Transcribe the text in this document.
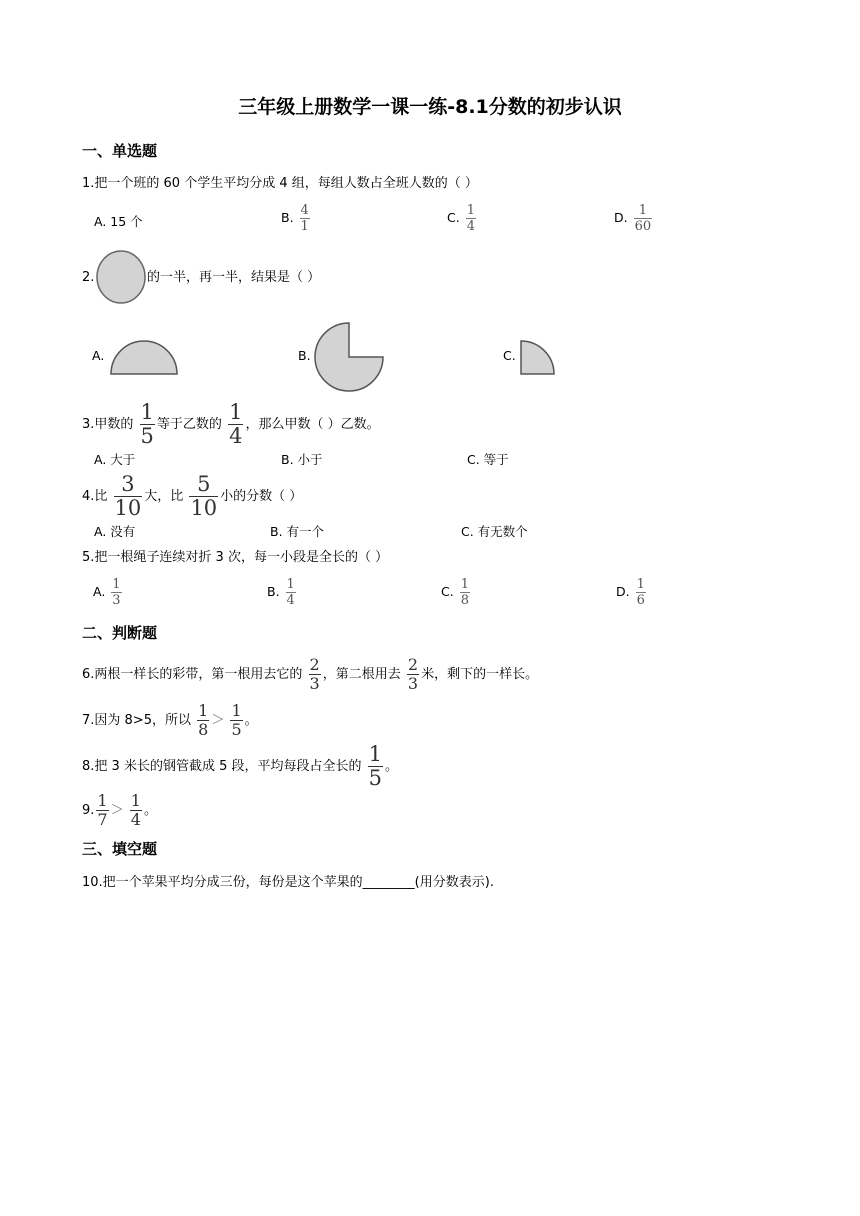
三年级上册数学一课一练-8.1分数的初步认识
一、单选题
1.把一个班的 60 个学生平均分成 4 组，每组人数占全班人数的（ ）
A. 15 个	B. $\frac{4}{1}$	C. $\frac{1}{4}$	D. $\frac{1}{60}$
2.	的一半，再一半，结果是（ ）
A.	B.	C.
3.甲数的 $\frac{1}{5}$ 等于乙数的 $\frac{1}{4}$ ，那么甲数（ ）乙数。
A. 大于	B. 小于	C. 等于
4.比 $\frac{3}{10}$ 大，比 $\frac{5}{10}$ 小的分数（ ）
A. 没有	B. 有一个	C. 有无数个
5.把一根绳子连续对折 3 次，每一小段是全长的（ ）
A. $\frac{1}{3}$	B. $\frac{1}{4}$	C. $\frac{1}{8}$	D. $\frac{1}{6}$
二、判断题
6.两根一样长的彩带，第一根用去它的 $\frac{2}{3}$ ，第二根用去 $\frac{2}{3}$ 米，剩下的一样长。
7.因为 8>5，所以 $\frac{1}{8} > \frac{1}{5}$ 。
8.把 3 米长的钢管截成 5 段，平均每段占全长的 $\frac{1}{5}$ 。
9. $\frac{1}{7} > \frac{1}{4}$ 。
三、填空题
10.把一个苹果平均分成三份，每份是这个苹果的________(用分数表示).
